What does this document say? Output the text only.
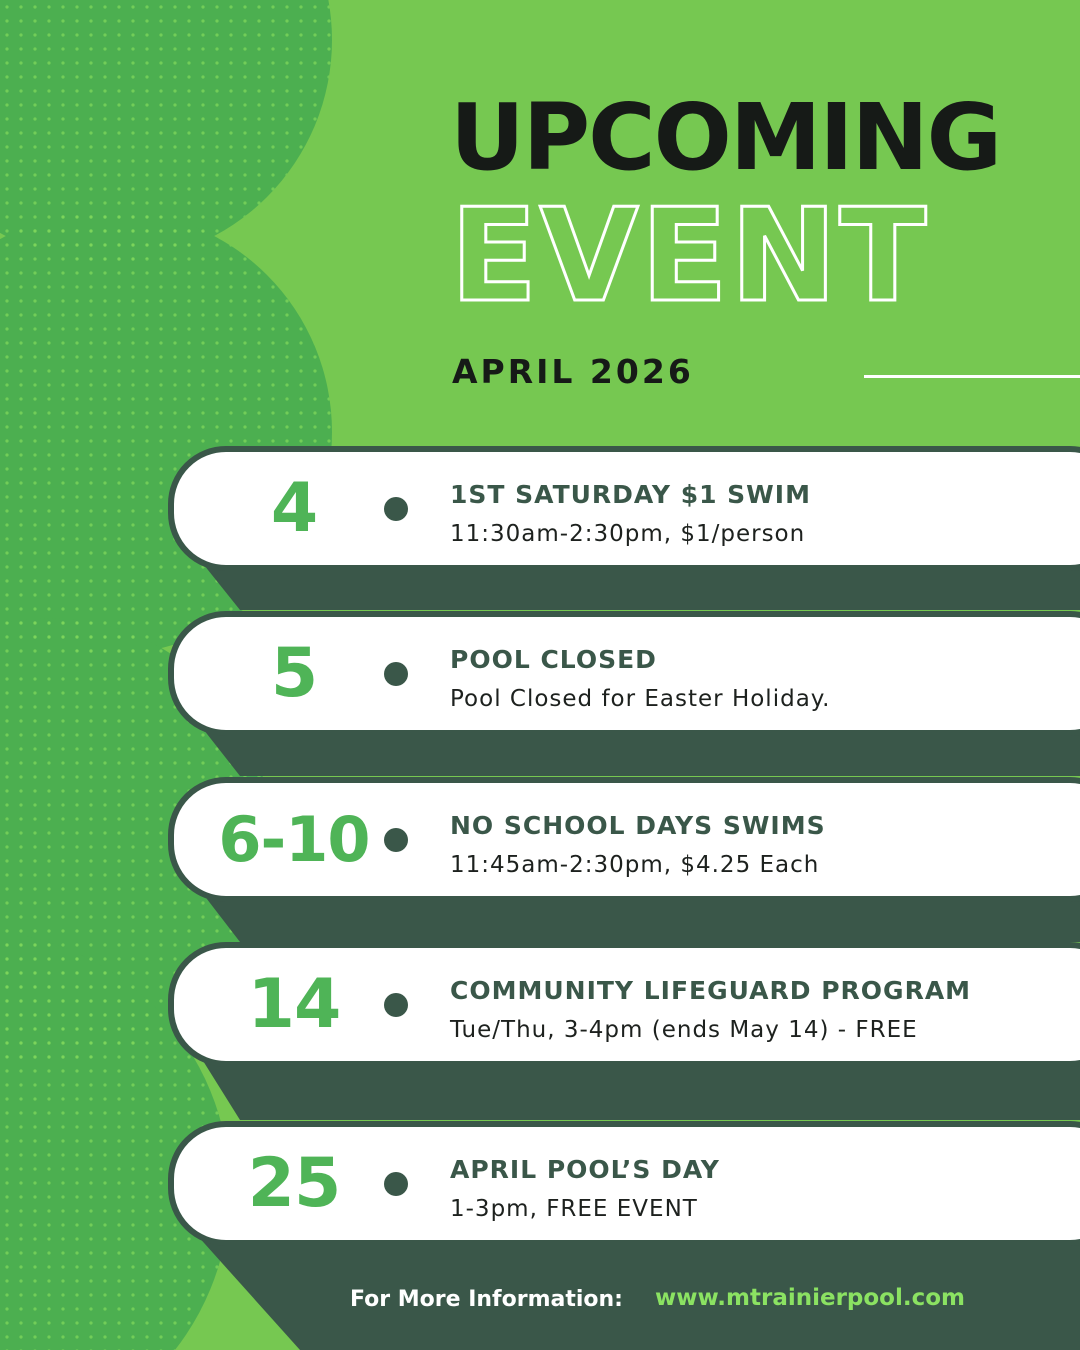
UPCOMING
EVENT
APRIL 2026
4	1ST SATURDAY $1 SWIM
11:30am-2:30pm, $1/person
5	POOL CLOSED
Pool Closed for Easter Holiday.
6-10	NO SCHOOL DAYS SWIMS
11:45am-2:30pm, $4.25 Each
14	COMMUNITY LIFEGUARD PROGRAM
Tue/Thu, 3-4pm (ends May 14) - FREE
25	APRIL POOL’S DAY
1-3pm, FREE EVENT
For More Information: www.mtrainierpool.com
